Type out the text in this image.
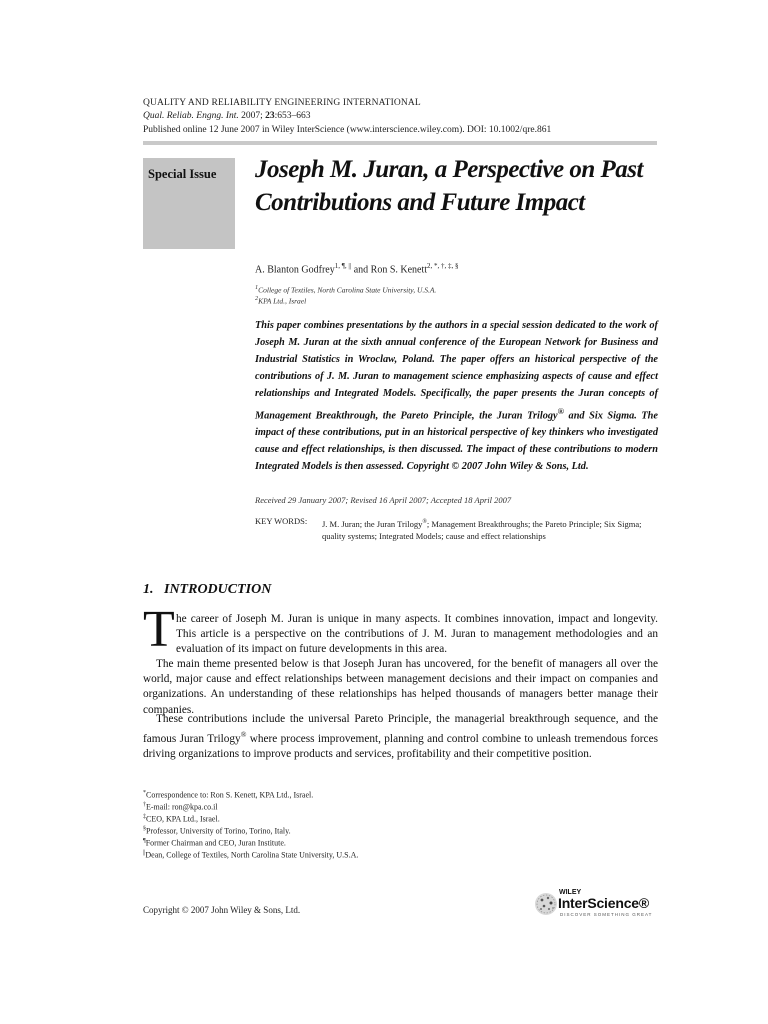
QUALITY AND RELIABILITY ENGINEERING INTERNATIONAL
Qual. Reliab. Engng. Int. 2007; 23:653–663
Published online 12 June 2007 in Wiley InterScience (www.interscience.wiley.com). DOI: 10.1002/qre.861
Special Issue Joseph M. Juran, a Perspective on Past Contributions and Future Impact
A. Blanton Godfrey$^{1, \P, ||}$ and Ron S. Kenett$^{2, *, \dagger, \ddagger, \S}$
$^1$College of Textiles, North Carolina State University, U.S.A.
$^2$KPA Ltd., Israel
This paper combines presentations by the authors in a special session dedicated to the work of Joseph M. Juran at the sixth annual conference of the European Network for Business and Industrial Statistics in Wroclaw, Poland. The paper offers an historical perspective of the contributions of J. M. Juran to management science emphasizing aspects of cause and effect relationships and Integrated Models. Specifically, the paper presents the Juran concepts of Management Breakthrough, the Pareto Principle, the Juran Trilogy® and Six Sigma. The impact of these contributions, put in an historical perspective of key thinkers who investigated cause and effect relationships, is then discussed. The impact of these contributions to modern Integrated Models is then assessed. Copyright © 2007 John Wiley & Sons, Ltd.
Received 29 January 2007; Revised 16 April 2007; Accepted 18 April 2007
KEY WORDS: J. M. Juran; the Juran Trilogy®; Management Breakthroughs; the Pareto Principle; Six Sigma; quality systems; Integrated Models; cause and effect relationships
1. INTRODUCTION
T he career of Joseph M. Juran is unique in many aspects. It combines innovation, impact and longevity. This article is a perspective on the contributions of J. M. Juran to management methodologies and an evaluation of its impact on future developments in this area.
The main theme presented below is that Joseph Juran has uncovered, for the benefit of managers all over the world, major cause and effect relationships between management decisions and their impact on companies and organizations. An understanding of these relationships has helped thousands of managers better manage their companies.
These contributions include the universal Pareto Principle, the managerial breakthrough sequence, and the famous Juran Trilogy® where process improvement, planning and control combine to unleash tremendous forces driving organizations to improve products and services, profitability and their competitive position.
*Correspondence to: Ron S. Kenett, KPA Ltd., Israel.
†E-mail: ron@kpa.co.il
‡CEO, KPA Ltd., Israel.
§Professor, University of Torino, Torino, Italy.
¶Former Chairman and CEO, Juran Institute.
||Dean, College of Textiles, North Carolina State University, U.S.A.
Copyright © 2007 John Wiley & Sons, Ltd.
WILEY
InterScience®
DISCOVER SOMETHING GREAT
